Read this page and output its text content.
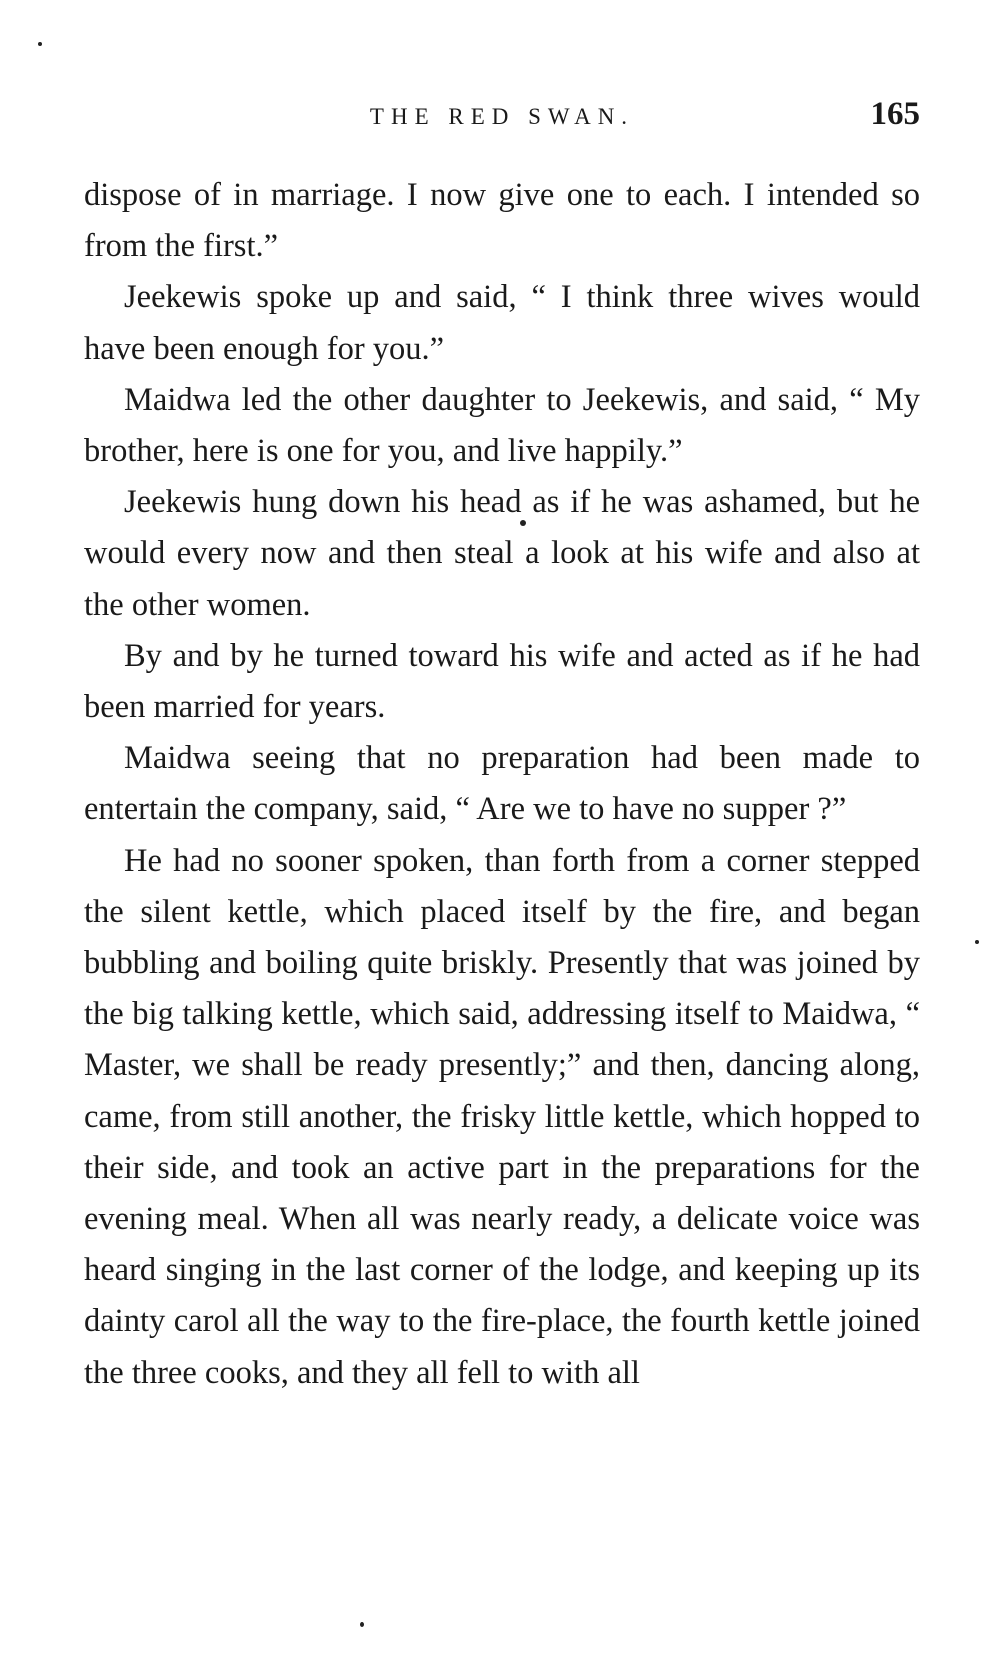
THE RED SWAN.	165

dispose of in marriage. I now give one to each. I intended so from the first.”

Jeekewis spoke up and said, “ I think three wives would have been enough for you.”

Maidwa led the other daughter to Jeekewis, and said, “ My brother, here is one for you, and live happily.”

Jeekewis hung down his head as if he was ashamed, but he would every now and then steal a look at his wife and also at the other women.

By and by he turned toward his wife and acted as if he had been married for years.

Maidwa seeing that no preparation had been made to entertain the company, said, “ Are we to have no supper ?”

He had no sooner spoken, than forth from a corner stepped the silent kettle, which placed itself by the fire, and began bubbling and boiling quite briskly. Presently that was joined by the big talking kettle, which said, addressing itself to Maidwa, “ Master, we shall be ready presently;” and then, dancing along, came, from still another, the frisky little kettle, which hopped to their side, and took an active part in the preparations for the evening meal. When all was nearly ready, a delicate voice was heard singing in the last corner of the lodge, and keeping up its dainty carol all the way to the fire-place, the fourth kettle joined the three cooks, and they all fell to with all
